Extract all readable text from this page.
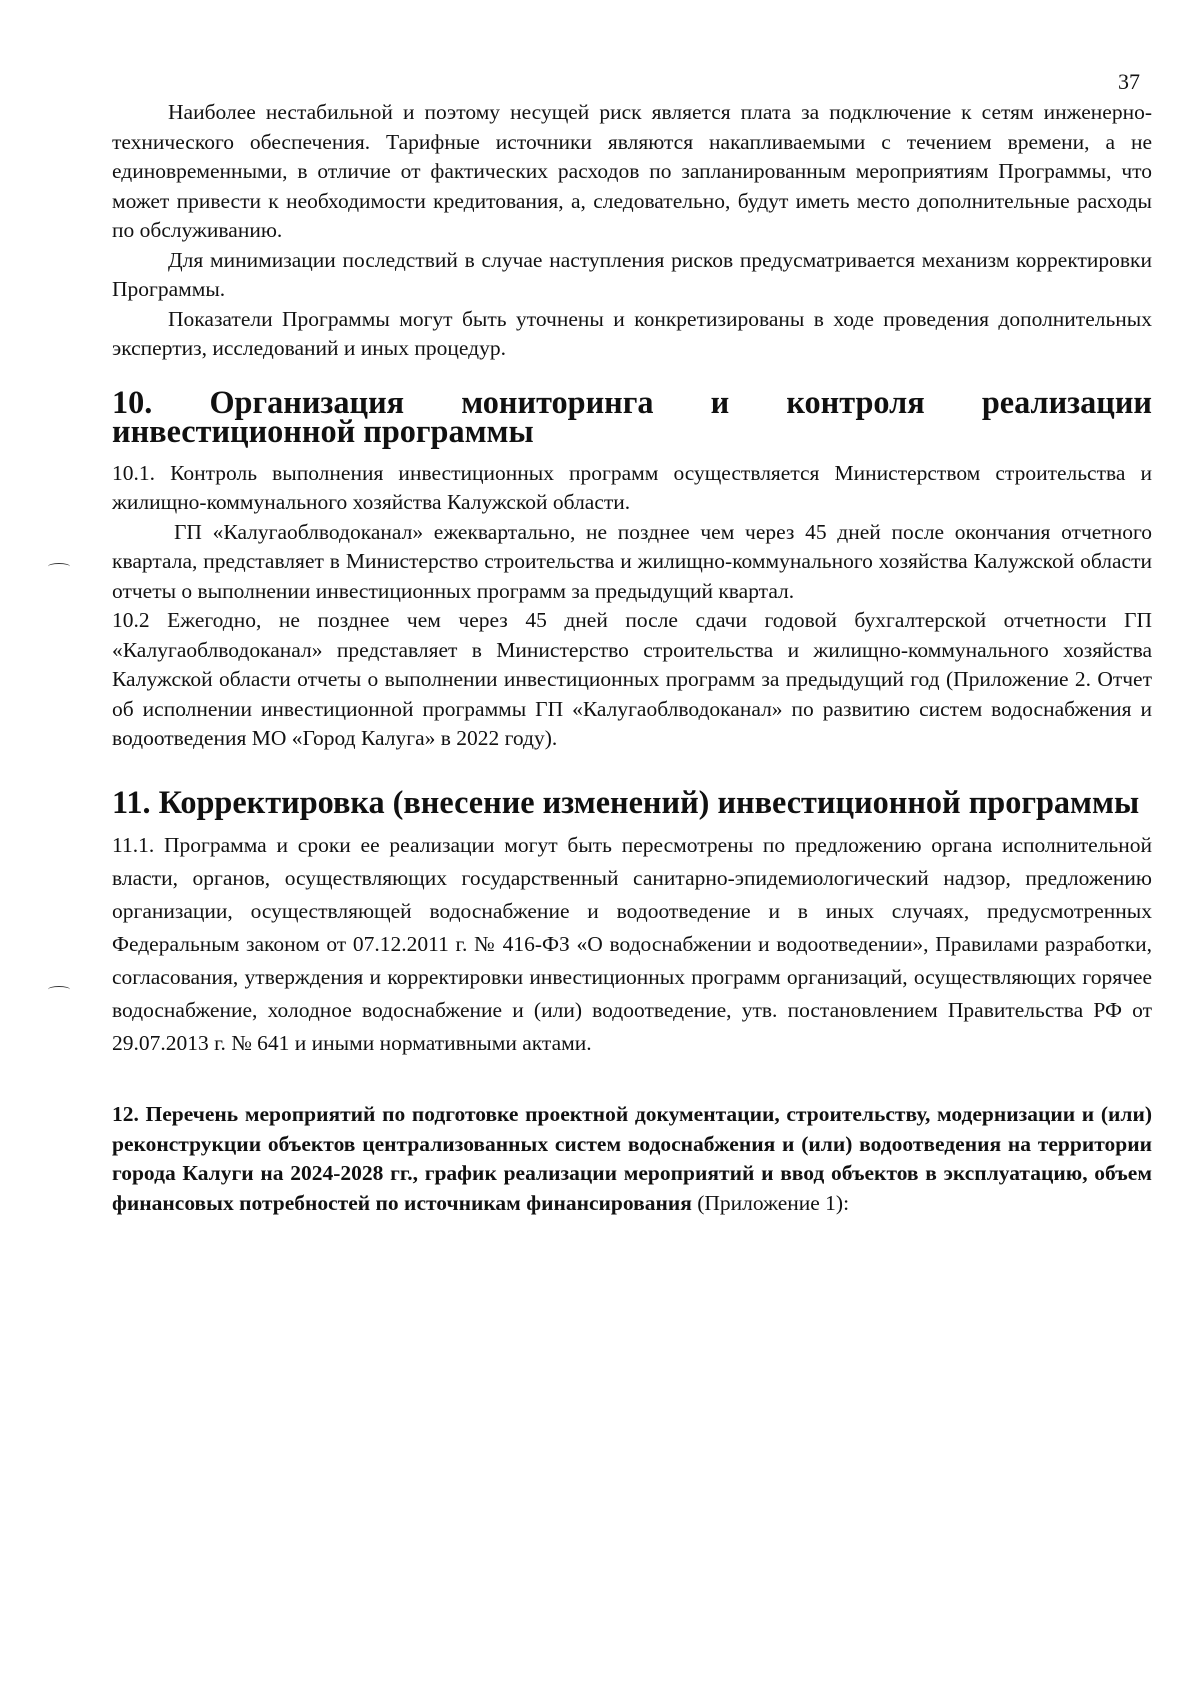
37

Наиболее нестабильной и поэтому несущей риск является плата за подключение к сетям инженерно-технического обеспечения. Тарифные источники являются накапливаемыми с течением времени, а не единовременными, в отличие от фактических расходов по запланированным мероприятиям Программы, что может привести к необходимости кредитования, а, следовательно, будут иметь место дополнительные расходы по обслуживанию.

Для минимизации последствий в случае наступления рисков предусматривается механизм корректировки Программы.

Показатели Программы могут быть уточнены и конкретизированы в ходе проведения дополнительных экспертиз, исследований и иных процедур.

10. Организация мониторинга и контроля реализации инвестиционной программы

10.1. Контроль выполнения инвестиционных программ осуществляется Министерством строительства и жилищно-коммунального хозяйства Калужской области.

ГП «Калугаоблводоканал» ежеквартально, не позднее чем через 45 дней после окончания отчетного квартала, представляет в Министерство строительства и жилищно-коммунального хозяйства Калужской области отчеты о выполнении инвестиционных программ за предыдущий квартал.

10.2 Ежегодно, не позднее чем через 45 дней после сдачи годовой бухгалтерской отчетности ГП «Калугаоблводоканал» представляет в Министерство строительства и жилищно-коммунального хозяйства Калужской области отчеты о выполнении инвестиционных программ за предыдущий год (Приложение 2. Отчет об исполнении инвестиционной программы ГП «Калугаоблводоканал» по развитию систем водоснабжения и водоотведения МО «Город Калуга» в 2022 году).

11. Корректировка (внесение изменений) инвестиционной программы

11.1. Программа и сроки ее реализации могут быть пересмотрены по предложению органа исполнительной власти, органов, осуществляющих государственный санитарно-эпидемиологический надзор, предложению организации, осуществляющей водоснабжение и водоотведение и в иных случаях, предусмотренных Федеральным законом от 07.12.2011 г. № 416-ФЗ «О водоснабжении и водоотведении», Правилами разработки, согласования, утверждения и корректировки инвестиционных программ организаций, осуществляющих горячее водоснабжение, холодное водоснабжение и (или) водоотведение, утв. постановлением Правительства РФ от 29.07.2013 г. № 641 и иными нормативными актами.

12. Перечень мероприятий по подготовке проектной документации, строительству, модернизации и (или) реконструкции объектов централизованных систем водоснабжения и (или) водоотведения на территории города Калуги на 2024-2028 гг., график реализации мероприятий и ввод объектов в эксплуатацию, объем финансовых потребностей по источникам финансирования (Приложение 1):
